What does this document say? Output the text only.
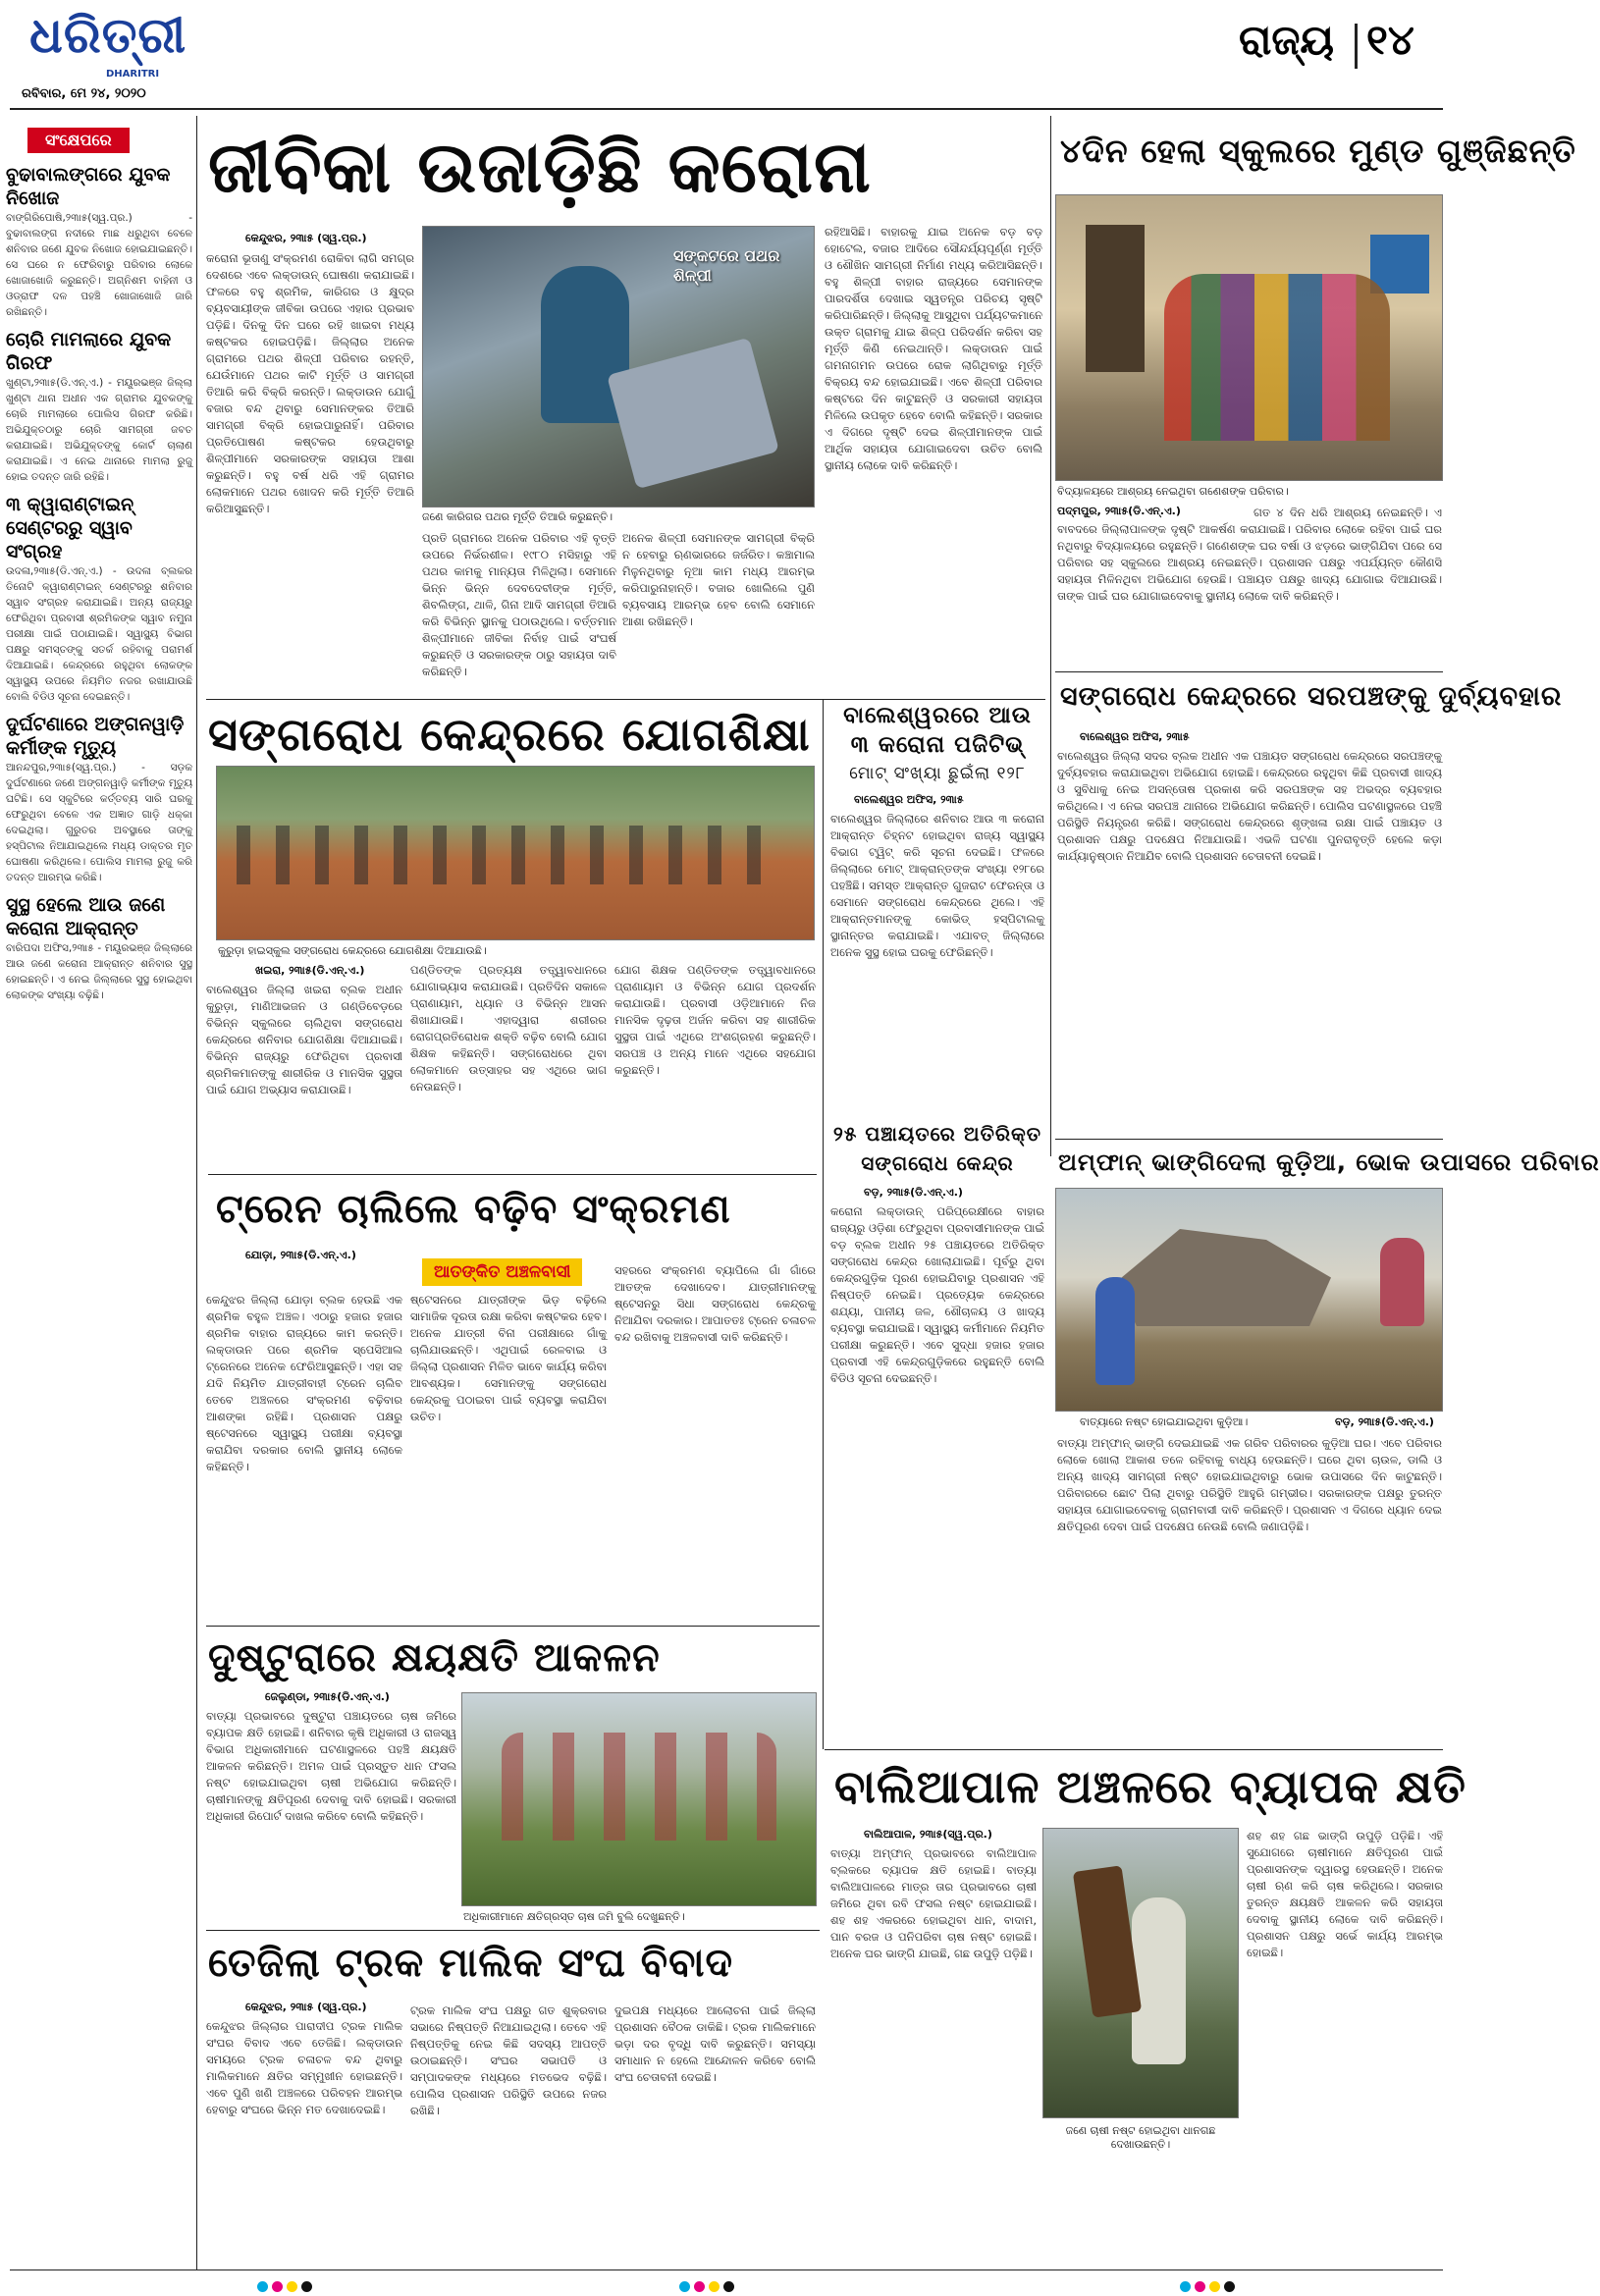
ଧରିତ୍ରୀ
DHARITRI
ରବିବାର, ମେ ୨୪, ୨୦୨୦
ରାଜ୍ୟ ୧୪
ସଂକ୍ଷେପରେ
ବୁଢାବାଲଙ୍ଗରେ ଯୁବକ ନିଖୋଜ
ବାଙ୍ଗିରିପୋଷି,୨୩ା୫(ସ୍ୱ.ପ୍ର.) - ବୁଢାବାଲଙ୍ଗ ନଦୀରେ ମାଛ ଧରୁଥିବା ବେଳେ ଶନିବାର ଜଣେ ଯୁବକ ନିଖୋଜ ହୋଇଯାଇଛନ୍ତି। ସେ ଘରେ ନ ଫେରିବାରୁ ପରିବାର ଲୋକେ ଖୋଜାଖୋଜି କରୁଛନ୍ତି। ଅଗ୍ନିଶମ ବାହିନୀ ଓ ଓଡ୍ରାଫ ଦଳ ପହଞ୍ଚି ଖୋଜାଖୋଜି ଜାରି ରଖିଛନ୍ତି।
ଚୋରି ମାମଲାରେ ଯୁବକ ଗିରଫ
ଖୁଣ୍ଟା,୨୩ା୫(ଡି.ଏନ୍.ଏ.) - ମୟୂରଭଞ୍ଜ ଜିଲ୍ଲା ଖୁଣ୍ଟା ଥାନା ଅଧୀନ ଏକ ଗ୍ରାମର ଯୁବକଙ୍କୁ ଚୋରି ମାମଲାରେ ପୋଲିସ ଗିରଫ କରିଛି। ଅଭିଯୁକ୍ତଠାରୁ ଚୋରି ସାମଗ୍ରୀ ଜବତ କରାଯାଇଛି। ଅଭିଯୁକ୍ତଙ୍କୁ କୋର୍ଟ ଚାଲାଣ କରାଯାଇଛି। ଏ ନେଇ ଥାନାରେ ମାମଲା ରୁଜୁ ହୋଇ ତଦନ୍ତ ଜାରି ରହିଛି।
୩ କ୍ୱାରାଣ୍ଟାଇନ୍ ସେଣ୍ଟରରୁ ସ୍ୱାବ ସଂଗ୍ରହ
ଉଦଳା,୨୩ା୫(ଡି.ଏନ୍.ଏ.) - ଉଦଳା ବ୍ଲକର ତିନୋଟି କ୍ୱାରାଣ୍ଟାଇନ୍ ସେଣ୍ଟରରୁ ଶନିବାର ସ୍ୱାବ ସଂଗ୍ରହ କରାଯାଇଛି। ଅନ୍ୟ ରାଜ୍ୟରୁ ଫେରିଥିବା ପ୍ରବାସୀ ଶ୍ରମିକଙ୍କ ସ୍ୱାବ ନମୁନା ପରୀକ୍ଷା ପାଇଁ ପଠାଯାଇଛି। ସ୍ୱାସ୍ଥ୍ୟ ବିଭାଗ ପକ୍ଷରୁ ସମସ୍ତଙ୍କୁ ସତର୍କ ରହିବାକୁ ପରାମର୍ଶ ଦିଆଯାଇଛି। କେନ୍ଦ୍ରରେ ରହୁଥିବା ଲୋକଙ୍କ ସ୍ୱାସ୍ଥ୍ୟ ଉପରେ ନିୟମିତ ନଜର ରଖାଯାଉଛି ବୋଲି ବିଡିଓ ସୂଚନା ଦେଇଛନ୍ତି।
ଦୁର୍ଘଟଣାରେ ଅଙ୍ଗନୱାଡ଼ି କର୍ମୀଙ୍କ ମୃତ୍ୟୁ
ଆନନ୍ଦପୁର,୨୩ା୫(ସ୍ୱ.ପ୍ର.) - ସଡ଼କ ଦୁର୍ଘଟଣାରେ ଜଣେ ଅଙ୍ଗନୱାଡ଼ି କର୍ମୀଙ୍କ ମୃତ୍ୟୁ ଘଟିଛି। ସେ ସ୍କୁଟିରେ କର୍ତ୍ତବ୍ୟ ସାରି ଘରକୁ ଫେରୁଥିବା ବେଳେ ଏକ ଅଜ୍ଞାତ ଗାଡ଼ି ଧକ୍କା ଦେଇଥିଲା। ଗୁରୁତର ଅବସ୍ଥାରେ ତାଙ୍କୁ ହସ୍ପିଟାଲ ନିଆଯାଇଥିଲେ ମଧ୍ୟ ଡାକ୍ତର ମୃତ ଘୋଷଣା କରିଥିଲେ। ପୋଲିସ ମାମଲା ରୁଜୁ କରି ତଦନ୍ତ ଆରମ୍ଭ କରିଛି।
ସୁସ୍ଥ ହେଲେ ଆଉ ଜଣେ କରୋନା ଆକ୍ରାନ୍ତ
ବାରିପଦା ଅଫିସ,୨୩ା୫ - ମୟୂରଭଞ୍ଜ ଜିଲ୍ଲାରେ ଆଉ ଜଣେ କରୋନା ଆକ୍ରାନ୍ତ ଶନିବାର ସୁସ୍ଥ ହୋଇଛନ୍ତି। ଏ ନେଇ ଜିଲ୍ଲାରେ ସୁସ୍ଥ ହୋଇଥିବା ଲୋକଙ୍କ ସଂଖ୍ୟା ବଢ଼ିଛି।
ଜୀବିକା ଉଜାଡ଼ିଛି କରୋନା
କେନ୍ଦୁଝର, ୨୩ା୫ (ସ୍ୱ.ପ୍ର.)
କରୋନା ଭୂତାଣୁ ସଂକ୍ରମଣ ରୋକିବା ଲାଗି ସମଗ୍ର ଦେଶରେ ଏବେ ଲକ୍‌ଡାଉନ୍ ଘୋଷଣା କରାଯାଇଛି। ଫଳରେ ବହୁ ଶ୍ରମିକ, କାରିଗର ଓ କ୍ଷୁଦ୍ର ବ୍ୟବସାୟୀଙ୍କ ଜୀବିକା ଉପରେ ଏହାର ପ୍ରଭାବ ପଡ଼ିଛି। ଦିନକୁ ଦିନ ଘରେ ରହି ଖାଇବା ମଧ୍ୟ କଷ୍ଟକର ହୋଇପଡ଼ିଛି। ଜିଲ୍ଲାର ଅନେକ ଗ୍ରାମରେ ପଥର ଶିଳ୍ପୀ ପରିବାର ରହନ୍ତି, ଯେଉଁମାନେ ପଥର କାଟି ମୂର୍ତ୍ତି ଓ ସାମଗ୍ରୀ ତିଆରି କରି ବିକ୍ରି କରନ୍ତି। ଲକ୍‌ଡାଉନ ଯୋଗୁଁ ବଜାର ବନ୍ଦ ଥିବାରୁ ସେମାନଙ୍କର ତିଆରି ସାମଗ୍ରୀ ବିକ୍ରି ହୋଇପାରୁନାହିଁ। ପରିବାର ପ୍ରତିପୋଷଣ କଷ୍ଟକର ହେଉଥିବାରୁ ଶିଳ୍ପୀମାନେ ସରକାରଙ୍କ ସହାୟତା ଆଶା କରୁଛନ୍ତି। ବହୁ ବର୍ଷ ଧରି ଏହି ଗ୍ରାମର ଲୋକମାନେ ପଥର ଖୋଦନ କରି ମୂର୍ତ୍ତି ତିଆରି କରିଆସୁଛନ୍ତି।
ସଙ୍କଟରେ ପଥର ଶିଳ୍ପୀ
ଜଣେ କାରିଗର ପଥର ମୂର୍ତ୍ତି ତିଆରି କରୁଛନ୍ତି।
ପ୍ରତି ଗ୍ରାମରେ ଅନେକ ପରିବାର ଏହି ବୃତ୍ତି ଉପରେ ନିର୍ଭରଶୀଳ। ୧୯୮୦ ମସିହାରୁ ଏହି ପଥର କାମକୁ ମାନ୍ୟତା ମିଳିଥିଲା। ସେମାନେ ଭିନ୍ନ ଭିନ୍ନ ଦେବଦେବୀଙ୍କ ମୂର୍ତ୍ତି, ଶିବଲିଙ୍ଗ, ଥାଳି, ଗିନା ଆଦି ସାମଗ୍ରୀ ତିଆରି କରି ବିଭିନ୍ନ ସ୍ଥାନକୁ ପଠାଉଥିଲେ। ବର୍ତ୍ତମାନ ଶିଳ୍ପୀମାନେ ଜୀବିକା ନିର୍ବାହ ପାଇଁ ସଂଘର୍ଷ କରୁଛନ୍ତି ଓ ସରକାରଙ୍କ ଠାରୁ ସହାୟତା ଦାବି କରିଛନ୍ତି।
ଅନେକ ଶିଳ୍ପୀ ସେମାନଙ୍କ ସାମଗ୍ରୀ ବିକ୍ରି ନ ହେବାରୁ ଋଣଭାରରେ ଜର୍ଜରିତ। କଞ୍ଚାମାଲ ମିଳୁନଥିବାରୁ ନୂଆ କାମ ମଧ୍ୟ ଆରମ୍ଭ କରିପାରୁନାହାନ୍ତି। ବଜାର ଖୋଲିଲେ ପୁଣି ବ୍ୟବସାୟ ଆରମ୍ଭ ହେବ ବୋଲି ସେମାନେ ଆଶା ରଖିଛନ୍ତି।
ରହିଆସିଛି। ବାହାରକୁ ଯାଇ ଅନେକ ବଡ଼ ବଡ଼ ହୋଟେଲ, ବଜାର ଆଦିରେ ସୌନ୍ଦର୍ଯ୍ୟପୂର୍ଣ୍ଣ ମୂର୍ତ୍ତି ଓ ଶୌଖିନ ସାମଗ୍ରୀ ନିର୍ମାଣ ମଧ୍ୟ କରିଆସିଛନ୍ତି। ବହୁ ଶିଳ୍ପୀ ବାହାର ରାଜ୍ୟରେ ସେମାନଙ୍କ ପାରଦର୍ଶିତା ଦେଖାଇ ସ୍ୱତନ୍ତ୍ର ପରିଚୟ ସୃଷ୍ଟି କରିପାରିଛନ୍ତି। ଜିଲ୍ଲାକୁ ଆସୁଥିବା ପର୍ଯ୍ୟଟକମାନେ ଉକ୍ତ ଗ୍ରାମକୁ ଯାଇ ଶିଳ୍ପ ପରିଦର୍ଶନ କରିବା ସହ ମୂର୍ତ୍ତି କିଣି ନେଇଥାନ୍ତି। ଲକ୍‌ଡାଉନ ପାଇଁ ଗମନାଗମନ ଉପରେ ରୋକ ଲାଗିଥିବାରୁ ମୂର୍ତ୍ତି ବିକ୍ରୟ ବନ୍ଦ ହୋଇଯାଇଛି। ଏବେ ଶିଳ୍ପୀ ପରିବାର କଷ୍ଟରେ ଦିନ କାଟୁଛନ୍ତି ଓ ସରକାରୀ ସହାୟତା ମିଳିଲେ ଉପକୃତ ହେବେ ବୋଲି କହିଛନ୍ତି। ସରକାର ଏ ଦିଗରେ ଦୃଷ୍ଟି ଦେଇ ଶିଳ୍ପୀମାନଙ୍କ ପାଇଁ ଆର୍ଥିକ ସହାୟତା ଯୋଗାଇଦେବା ଉଚିତ ବୋଲି ସ୍ଥାନୀୟ ଲୋକେ ଦାବି କରିଛନ୍ତି।
୪ଦିନ ହେଲା ସ୍କୁଲରେ ମୁଣ୍ଡ ଗୁଞ୍ଜିଛନ୍ତି
ବିଦ୍ୟାଳୟରେ ଆଶ୍ରୟ ନେଇଥିବା ଗଣେଶଙ୍କ ପରିବାର।
ପଦ୍ମପୁର, ୨୩ା୫(ଡି.ଏନ୍.ଏ.)	ଗତ ୪ ଦିନ ଧରି ଆଶ୍ରୟ ନେଇଛନ୍ତି। ଏ ବାବଦରେ ଜିଲ୍ଲାପାଳଙ୍କ ଦୃଷ୍ଟି ଆକର୍ଷଣ କରାଯାଇଛି। ପରିବାର ଲୋକେ ରହିବା ପାଇଁ ଘର ନଥିବାରୁ ବିଦ୍ୟାଳୟରେ ରହୁଛନ୍ତି। ଗଣେଶଙ୍କ ଘର ବର୍ଷା ଓ ଝଡ଼ରେ ଭାଙ୍ଗିଯିବା ପରେ ସେ ପରିବାର ସହ ସ୍କୁଲରେ ଆଶ୍ରୟ ନେଇଛନ୍ତି। ପ୍ରଶାସନ ପକ୍ଷରୁ ଏପର୍ଯ୍ୟନ୍ତ କୌଣସି ସହାୟତା ମିଳିନଥିବା ଅଭିଯୋଗ ହେଉଛି। ପଞ୍ଚାୟତ ପକ୍ଷରୁ ଖାଦ୍ୟ ଯୋଗାଇ ଦିଆଯାଉଛି। ତାଙ୍କ ପାଇଁ ଘର ଯୋଗାଇଦେବାକୁ ସ୍ଥାନୀୟ ଲୋକେ ଦାବି କରିଛନ୍ତି।
ସଙ୍ଗରୋଧ କେନ୍ଦ୍ରରେ ଯୋଗଶିକ୍ଷା
କୁରୁଡ଼ା ହାଇସ୍କୁଲ ସଙ୍ଗରୋଧ କେନ୍ଦ୍ରରେ ଯୋଗଶିକ୍ଷା ଦିଆଯାଉଛି।
ଖଇରା, ୨୩ା୫(ଡି.ଏନ୍.ଏ.)
ବାଲେଶ୍ୱର ଜିଲ୍ଲା ଖଇରା ବ୍ଲକ ଅଧୀନ କୁରୁଡ଼ା, ମାଣିଆଭଜନ ଓ ଗଣ୍ଡିବେଡ଼ରେ ବିଭିନ୍ନ ସ୍କୁଲରେ ଚାଲିଥିବା ସଙ୍ଗରୋଧ କେନ୍ଦ୍ରରେ ଶନିବାର ଯୋଗଶିକ୍ଷା ଦିଆଯାଇଛି। ବିଭିନ୍ନ ରାଜ୍ୟରୁ ଫେରିଥିବା ପ୍ରବାସୀ ଶ୍ରମିକମାନଙ୍କୁ ଶାରୀରିକ ଓ ମାନସିକ ସୁସ୍ଥତା ପାଇଁ ଯୋଗ ଅଭ୍ୟାସ କରାଯାଉଛି।
ପଣ୍ଡିତଙ୍କ ପ୍ରତ୍ୟକ୍ଷ ତତ୍ତ୍ୱାବଧାନରେ ଯୋଗାଭ୍ୟାସ କରାଯାଉଛି। ପ୍ରତିଦିନ ସକାଳେ ପ୍ରାଣାୟାମ, ଧ୍ୟାନ ଓ ବିଭିନ୍ନ ଆସନ ଶିଖାଯାଉଛି। ଏହାଦ୍ୱାରା ଶରୀରର ରୋଗପ୍ରତିରୋଧକ ଶକ୍ତି ବଢ଼ିବ ବୋଲି ଯୋଗ ଶିକ୍ଷକ କହିଛନ୍ତି। ସଙ୍ଗରୋଧରେ ଥିବା ଲୋକମାନେ ଉତ୍ସାହର ସହ ଏଥିରେ ଭାଗ ନେଉଛନ୍ତି।
ଯୋଗ ଶିକ୍ଷକ ପଣ୍ଡିତଙ୍କ ତତ୍ତ୍ୱାବଧାନରେ ପ୍ରାଣାୟାମ ଓ ବିଭିନ୍ନ ଯୋଗ ପ୍ରଦର୍ଶନ କରାଯାଉଛି। ପ୍ରବାସୀ ଓଡ଼ିଆମାନେ ନିଜ ମାନସିକ ଦୃଢ଼ତା ଅର୍ଜନ କରିବା ସହ ଶାରୀରିକ ସୁସ୍ଥତା ପାଇଁ ଏଥିରେ ଅଂଶଗ୍ରହଣ କରୁଛନ୍ତି। ସରପଞ୍ଚ ଓ ଅନ୍ୟ ମାନେ ଏଥିରେ ସହଯୋଗ କରୁଛନ୍ତି।
ବାଲେଶ୍ୱରରେ ଆଉ ୩ କରୋନା ପଜିଟିଭ୍
ମୋଟ୍ ସଂଖ୍ୟା ଛୁଇଁଲା ୧୨୮
ବାଲେଶ୍ୱର ଅଫିସ, ୨୩ା୫
ବାଲେଶ୍ୱର ଜିଲ୍ଲାରେ ଶନିବାର ଆଉ ୩ କରୋନା ଆକ୍ରାନ୍ତ ଚିହ୍ନଟ ହୋଇଥିବା ରାଜ୍ୟ ସ୍ୱାସ୍ଥ୍ୟ ବିଭାଗ ଟ୍ୱିଟ୍ କରି ସୂଚନା ଦେଇଛି। ଫଳରେ ଜିଲ୍ଲାରେ ମୋଟ୍ ଆକ୍ରାନ୍ତଙ୍କ ସଂଖ୍ୟା ୧୨୮ରେ ପହଞ୍ଚିଛି। ସମସ୍ତ ଆକ୍ରାନ୍ତ ଗୁଜରାଟ ଫେରନ୍ତା ଓ ସେମାନେ ସଙ୍ଗରୋଧ କେନ୍ଦ୍ରରେ ଥିଲେ। ଏହି ଆକ୍ରାନ୍ତମାନଙ୍କୁ କୋଭିଡ୍ ହସ୍ପିଟାଲକୁ ସ୍ଥାନାନ୍ତର କରାଯାଇଛି। ଏଯାବତ୍ ଜିଲ୍ଲାରେ ଅନେକ ସୁସ୍ଥ ହୋଇ ଘରକୁ ଫେରିଛନ୍ତି।
୨୫ ପଞ୍ଚାୟତରେ ଅତିରିକ୍ତ ସଙ୍ଗରୋଧ କେନ୍ଦ୍ର
ବଡ଼, ୨୩ା୫(ଡି.ଏନ୍.ଏ.)
କରୋନା ଲକ୍‌ଡାଉନ୍ ପରିପ୍ରେକ୍ଷୀରେ ବାହାର ରାଜ୍ୟରୁ ଓଡ଼ିଶା ଫେରୁଥିବା ପ୍ରବାସୀମାନଙ୍କ ପାଇଁ ବଡ଼ ବ୍ଲକ ଅଧୀନ ୨୫ ପଞ୍ଚାୟତରେ ଅତିରିକ୍ତ ସଙ୍ଗରୋଧ କେନ୍ଦ୍ର ଖୋଲାଯାଇଛି। ପୂର୍ବରୁ ଥିବା କେନ୍ଦ୍ରଗୁଡ଼ିକ ପୂରଣ ହୋଇଯିବାରୁ ପ୍ରଶାସନ ଏହି ନିଷ୍ପତ୍ତି ନେଇଛି। ପ୍ରତ୍ୟେକ କେନ୍ଦ୍ରରେ ଶଯ୍ୟା, ପାନୀୟ ଜଳ, ଶୌଚାଳୟ ଓ ଖାଦ୍ୟ ବ୍ୟବସ୍ଥା କରାଯାଇଛି। ସ୍ୱାସ୍ଥ୍ୟ କର୍ମୀମାନେ ନିୟମିତ ପରୀକ୍ଷା କରୁଛନ୍ତି। ଏବେ ସୁଦ୍ଧା ହଜାର ହଜାର ପ୍ରବାସୀ ଏହି କେନ୍ଦ୍ରଗୁଡ଼ିକରେ ରହୁଛନ୍ତି ବୋଲି ବିଡିଓ ସୂଚନା ଦେଇଛନ୍ତି।
ସଙ୍ଗରୋଧ କେନ୍ଦ୍ରରେ ସରପଞ୍ଚଙ୍କୁ ଦୁର୍ବ୍ୟବହାର
ବାଲେଶ୍ୱର ଅଫିସ, ୨୩ା୫
ବାଲେଶ୍ୱର ଜିଲ୍ଲା ସଦର ବ୍ଲକ ଅଧୀନ ଏକ ପଞ୍ଚାୟତ ସଙ୍ଗରୋଧ କେନ୍ଦ୍ରରେ ସରପଞ୍ଚଙ୍କୁ ଦୁର୍ବ୍ୟବହାର କରାଯାଇଥିବା ଅଭିଯୋଗ ହୋଇଛି। କେନ୍ଦ୍ରରେ ରହୁଥିବା କିଛି ପ୍ରବାସୀ ଖାଦ୍ୟ ଓ ସୁବିଧାକୁ ନେଇ ଅସନ୍ତୋଷ ପ୍ରକାଶ କରି ସରପଞ୍ଚଙ୍କ ସହ ଅଭଦ୍ର ବ୍ୟବହାର କରିଥିଲେ। ଏ ନେଇ ସରପଞ୍ଚ ଥାନାରେ ଅଭିଯୋଗ କରିଛନ୍ତି। ପୋଲିସ ଘଟଣାସ୍ଥଳରେ ପହଞ୍ଚି ପରିସ୍ଥିତି ନିୟନ୍ତ୍ରଣ କରିଛି। ସଙ୍ଗରୋଧ କେନ୍ଦ୍ରରେ ଶୃଙ୍ଖଳା ରକ୍ଷା ପାଇଁ ପଞ୍ଚାୟତ ଓ ପ୍ରଶାସନ ପକ୍ଷରୁ ପଦକ୍ଷେପ ନିଆଯାଉଛି। ଏଭଳି ଘଟଣା ପୁନରାବୃତ୍ତି ହେଲେ କଡ଼ା କାର୍ଯ୍ୟାନୁଷ୍ଠାନ ନିଆଯିବ ବୋଲି ପ୍ରଶାସନ ଚେତାବନୀ ଦେଇଛି।
ଅମ୍ଫାନ୍ ଭାଙ୍ଗିଦେଲା କୁଡ଼ିଆ, ଭୋକ ଉପାସରେ ପରିବାର
ବାତ୍ୟାରେ ନଷ୍ଟ ହୋଇଯାଇଥିବା କୁଡ଼ିଆ।	ବଡ଼, ୨୩ା୫(ଡି.ଏନ୍.ଏ.)
ବାତ୍ୟା ଅମ୍ଫାନ୍ ଭାଙ୍ଗି ଦେଇଯାଇଛି ଏକ ଗରିବ ପରିବାରର କୁଡ଼ିଆ ଘର। ଏବେ ପରିବାର ଲୋକେ ଖୋଲା ଆକାଶ ତଳେ ରହିବାକୁ ବାଧ୍ୟ ହେଉଛନ୍ତି। ଘରେ ଥିବା ଚାଉଳ, ଡାଲି ଓ ଅନ୍ୟ ଖାଦ୍ୟ ସାମଗ୍ରୀ ନଷ୍ଟ ହୋଇଯାଇଥିବାରୁ ଭୋକ ଉପାସରେ ଦିନ କାଟୁଛନ୍ତି। ପରିବାରରେ ଛୋଟ ପିଲା ଥିବାରୁ ପରିସ୍ଥିତି ଆହୁରି ଗମ୍ଭୀର। ସରକାରଙ୍କ ପକ୍ଷରୁ ତୁରନ୍ତ ସହାୟତା ଯୋଗାଇଦେବାକୁ ଗ୍ରାମବାସୀ ଦାବି କରିଛନ୍ତି। ପ୍ରଶାସନ ଏ ଦିଗରେ ଧ୍ୟାନ ଦେଇ କ୍ଷତିପୂରଣ ଦେବା ପାଇଁ ପଦକ୍ଷେପ ନେଉଛି ବୋଲି ଜଣାପଡ଼ିଛି।
ଟ୍ରେନ ଚାଲିଲେ ବଢ଼ିବ ସଂକ୍ରମଣ
ଯୋଡ଼ା, ୨୩ା୫(ଡି.ଏନ୍.ଏ.)
ଆତଙ୍କିତ ଅଞ୍ଚଳବାସୀ
କେନ୍ଦୁଝର ଜିଲ୍ଲା ଯୋଡ଼ା ବ୍ଲକ ହେଉଛି ଏକ ଶ୍ରମିକ ବହୁଳ ଅଞ୍ଚଳ। ଏଠାରୁ ହଜାର ହଜାର ଶ୍ରମିକ ବାହାର ରାଜ୍ୟରେ କାମ କରନ୍ତି। ଲକ୍‌ଡାଉନ ପରେ ଶ୍ରମିକ ସ୍ପେସିଆଲ ଟ୍ରେନରେ ଅନେକ ଫେରିଆସୁଛନ୍ତି। ଏହା ସହ ଯଦି ନିୟମିତ ଯାତ୍ରୀବାହୀ ଟ୍ରେନ ଚାଲିବ ତେବେ ଅଞ୍ଚଳରେ ସଂକ୍ରମଣ ବଢ଼ିବାର ଆଶଙ୍କା ରହିଛି। ପ୍ରଶାସନ ପକ୍ଷରୁ ଷ୍ଟେସନରେ ସ୍ୱାସ୍ଥ୍ୟ ପରୀକ୍ଷା ବ୍ୟବସ୍ଥା କରାଯିବା ଦରକାର ବୋଲି ସ୍ଥାନୀୟ ଲୋକେ କହିଛନ୍ତି।
ଷ୍ଟେସନରେ ଯାତ୍ରୀଙ୍କ ଭିଡ଼ ବଢ଼ିଲେ ସାମାଜିକ ଦୂରତା ରକ୍ଷା କରିବା କଷ୍ଟକର ହେବ। ଅନେକ ଯାତ୍ରୀ ବିନା ପରୀକ୍ଷାରେ ଗାଁକୁ ଚାଲିଯାଉଛନ୍ତି। ଏଥିପାଇଁ ରେଳବାଇ ଓ ଜିଲ୍ଲା ପ୍ରଶାସନ ମିଳିତ ଭାବେ କାର୍ଯ୍ୟ କରିବା ଆବଶ୍ୟକ। ସେମାନଙ୍କୁ ସଙ୍ଗରୋଧ କେନ୍ଦ୍ରକୁ ପଠାଇବା ପାଇଁ ବ୍ୟବସ୍ଥା କରାଯିବା ଉଚିତ।
ସହରରେ ସଂକ୍ରମଣ ବ୍ୟାପିଲେ ଗାଁ ଗାଁରେ ଆତଙ୍କ ଦେଖାଦେବ। ଯାତ୍ରୀମାନଙ୍କୁ ଷ୍ଟେସନରୁ ସିଧା ସଙ୍ଗରୋଧ କେନ୍ଦ୍ରକୁ ନିଆଯିବା ଦରକାର। ଆପାତତଃ ଟ୍ରେନ ଚଳାଚଳ ବନ୍ଦ ରଖିବାକୁ ଅଞ୍ଚଳବାସୀ ଦାବି କରିଛନ୍ତି।
ଦୁଷ୍ଟୁରାରେ କ୍ଷୟକ୍ଷତି ଆକଳନ
ଜେଲୁଣ୍ଡା, ୨୩ା୫(ଡି.ଏନ୍.ଏ.)
ବାତ୍ୟା ପ୍ରଭାବରେ ଦୁଷ୍ଟୁରା ପଞ୍ଚାୟତରେ ଚାଷ ଜମିରେ ବ୍ୟାପକ କ୍ଷତି ହୋଇଛି। ଶନିବାର କୃଷି ଅଧିକାରୀ ଓ ରାଜସ୍ୱ ବିଭାଗ ଅଧିକାରୀମାନେ ଘଟଣାସ୍ଥଳରେ ପହଞ୍ଚି କ୍ଷୟକ୍ଷତି ଆକଳନ କରିଛନ୍ତି। ଅମଳ ପାଇଁ ପ୍ରସ୍ତୁତ ଧାନ ଫସଲ ନଷ୍ଟ ହୋଇଯାଇଥିବା ଚାଷୀ ଅଭିଯୋଗ କରିଛନ୍ତି। ଚାଷୀମାନଙ୍କୁ କ୍ଷତିପୂରଣ ଦେବାକୁ ଦାବି ହୋଇଛି। ସରକାରୀ ଅଧିକାରୀ ରିପୋର୍ଟ ଦାଖଲ କରିବେ ବୋଲି କହିଛନ୍ତି।
ଅଧିକାରୀମାନେ କ୍ଷତିଗ୍ରସ୍ତ ଚାଷ ଜମି ବୁଲି ଦେଖୁଛନ୍ତି।
ତେଜିଲା ଟ୍ରକ ମାଲିକ ସଂଘ ବିବାଦ
କେନ୍ଦୁଝର, ୨୩ା୫ (ସ୍ୱ.ପ୍ର.)
କେନ୍ଦୁଝର ଜିଲ୍ଲାର ପାରାଦୀପ ଟ୍ରକ ମାଲିକ ସଂଘର ବିବାଦ ଏବେ ତେଜିଛି। ଲକ୍‌ଡାଉନ ସମୟରେ ଟ୍ରକ ଚଳାଚଳ ବନ୍ଦ ଥିବାରୁ ମାଲିକମାନେ କ୍ଷତିର ସମ୍ମୁଖୀନ ହୋଇଛନ୍ତି। ଏବେ ପୁଣି ଖଣି ଅଞ୍ଚଳରେ ପରିବହନ ଆରମ୍ଭ ହେବାରୁ ସଂଘରେ ଭିନ୍ନ ମତ ଦେଖାଦେଇଛି।
ଟ୍ରକ ମାଲିକ ସଂଘ ପକ୍ଷରୁ ଗତ ଶୁକ୍ରବାର ସଭାରେ ନିଷ୍ପତ୍ତି ନିଆଯାଇଥିଲା। ତେବେ ଏହି ନିଷ୍ପତ୍ତିକୁ ନେଇ କିଛି ସଦସ୍ୟ ଆପତ୍ତି ଉଠାଇଛନ୍ତି। ସଂଘର ସଭାପତି ଓ ସମ୍ପାଦକଙ୍କ ମଧ୍ୟରେ ମତଭେଦ ବଢ଼ିଛି। ପୋଲିସ ପ୍ରଶାସନ ପରିସ୍ଥିତି ଉପରେ ନଜର ରଖିଛି।
ଦୁଇପକ୍ଷ ମଧ୍ୟରେ ଆଲୋଚନା ପାଇଁ ଜିଲ୍ଲା ପ୍ରଶାସନ ବୈଠକ ଡାକିଛି। ଟ୍ରକ ମାଲିକମାନେ ଭଡ଼ା ଦର ବୃଦ୍ଧି ଦାବି କରୁଛନ୍ତି। ସମସ୍ୟା ସମାଧାନ ନ ହେଲେ ଆନ୍ଦୋଳନ କରିବେ ବୋଲି ସଂଘ ଚେତାବନୀ ଦେଇଛି।
ବାଲିଆପାଳ ଅଞ୍ଚଳରେ ବ୍ୟାପକ କ୍ଷତି
ବାଲିଆପାଳ, ୨୩ା୫(ସ୍ୱ.ପ୍ର.)
ବାତ୍ୟା ଅମ୍ଫାନ୍ ପ୍ରଭାବରେ ବାଲିଆପାଳ ବ୍ଲକରେ ବ୍ୟାପକ କ୍ଷତି ହୋଇଛି। ବାତ୍ୟା ବାଲିଆପାଳରେ ମାତ୍ର ତାର ପ୍ରଭାବରେ ଚାଷୀ ଜମିରେ ଥିବା ରବି ଫସଲ ନଷ୍ଟ ହୋଇଯାଇଛି। ଶହ ଶହ ଏକରରେ ହୋଇଥିବା ଧାନ, ବାଦାମ, ପାନ ବରଜ ଓ ପନିପରିବା ଚାଷ ନଷ୍ଟ ହୋଇଛି। ଅନେକ ଘର ଭାଙ୍ଗି ଯାଇଛି, ଗଛ ଉପୁଡ଼ି ପଡ଼ିଛି।
ଜଣେ ଚାଷୀ ନଷ୍ଟ ହୋଇଥିବା ଧାନଗଛ ଦେଖାଉଛନ୍ତି।
ଶହ ଶହ ଗଛ ଭାଙ୍ଗି ଉପୁଡ଼ି ପଡ଼ିଛି। ଏହି ସୁଯୋଗରେ ଚାଷୀମାନେ କ୍ଷତିପୂରଣ ପାଇଁ ପ୍ରଶାସନଙ୍କ ଦ୍ୱାରସ୍ଥ ହେଉଛନ୍ତି। ଅନେକ ଚାଷୀ ଋଣ କରି ଚାଷ କରିଥିଲେ। ସରକାର ତୁରନ୍ତ କ୍ଷୟକ୍ଷତି ଆକଳନ କରି ସହାୟତା ଦେବାକୁ ସ୍ଥାନୀୟ ଲୋକେ ଦାବି କରିଛନ୍ତି। ପ୍ରଶାସନ ପକ୍ଷରୁ ସର୍ଭେ କାର୍ଯ୍ୟ ଆରମ୍ଭ ହୋଇଛି।
